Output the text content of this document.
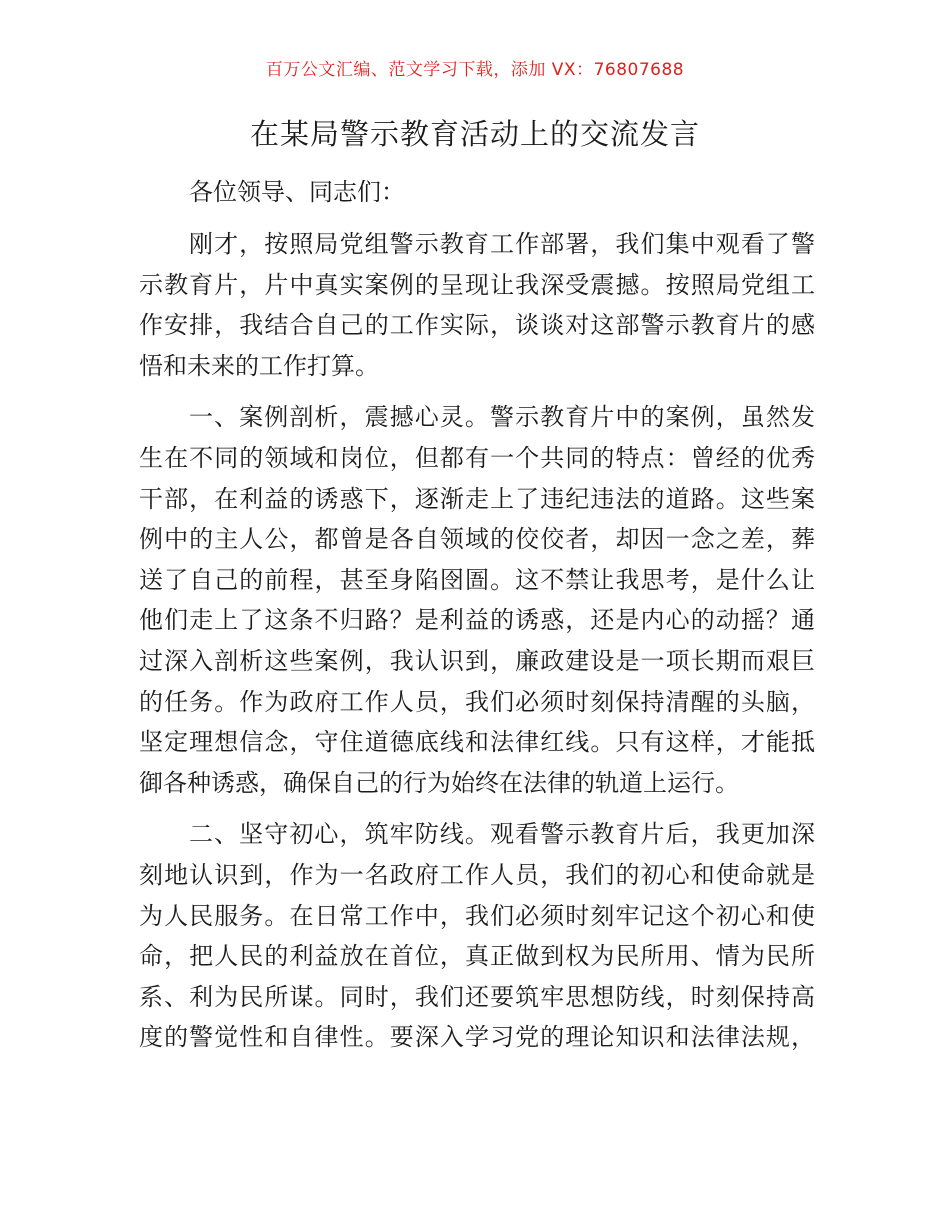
百万公文汇编、范文学习下载，添加 VX：76807688
在某局警示教育活动上的交流发言

各位领导、同志们：

刚才，按照局党组警示教育工作部署，我们集中观看了警
示教育片，片中真实案例的呈现让我深受震撼。按照局党组工
作安排，我结合自己的工作实际，谈谈对这部警示教育片的感
悟和未来的工作打算。

一、案例剖析，震撼心灵。警示教育片中的案例，虽然发
生在不同的领域和岗位，但都有一个共同的特点：曾经的优秀
干部，在利益的诱惑下，逐渐走上了违纪违法的道路。这些案
例中的主人公，都曾是各自领域的佼佼者，却因一念之差，葬
送了自己的前程，甚至身陷囹圄。这不禁让我思考，是什么让
他们走上了这条不归路？是利益的诱惑，还是内心的动摇？通
过深入剖析这些案例，我认识到，廉政建设是一项长期而艰巨
的任务。作为政府工作人员，我们必须时刻保持清醒的头脑，
坚定理想信念，守住道德底线和法律红线。只有这样，才能抵
御各种诱惑，确保自己的行为始终在法律的轨道上运行。

二、坚守初心，筑牢防线。观看警示教育片后，我更加深
刻地认识到，作为一名政府工作人员，我们的初心和使命就是
为人民服务。在日常工作中，我们必须时刻牢记这个初心和使
命，把人民的利益放在首位，真正做到权为民所用、情为民所
系、利为民所谋。同时，我们还要筑牢思想防线，时刻保持高
度的警觉性和自律性。要深入学习党的理论知识和法律法规，
